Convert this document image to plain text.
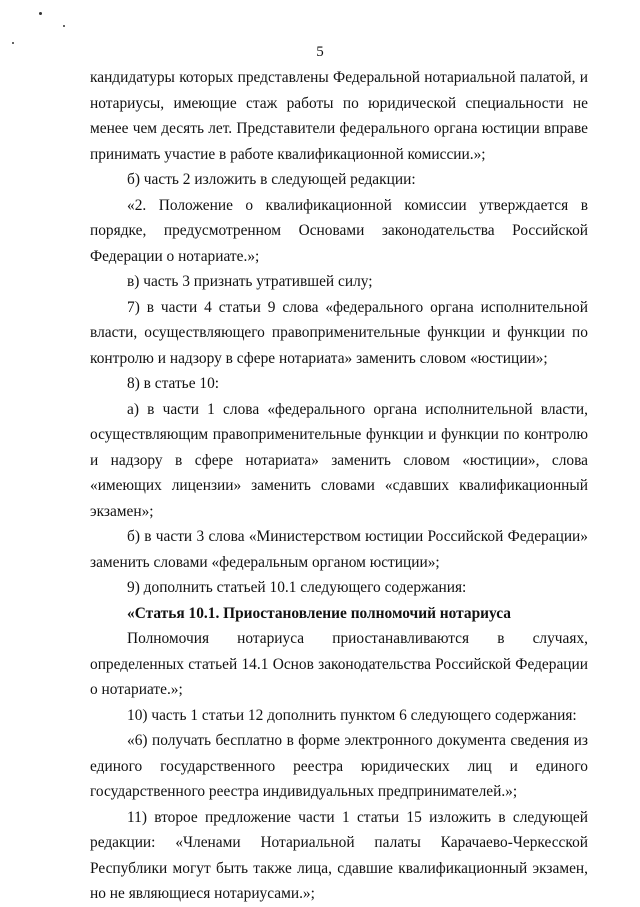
5

кандидатуры которых представлены Федеральной нотариальной палатой, и нотариусы, имеющие стаж работы по юридической специальности не менее чем десять лет. Представители федерального органа юстиции вправе принимать участие в работе квалификационной комиссии.»;

б) часть 2 изложить в следующей редакции:

«2. Положение о квалификационной комиссии утверждается в порядке, предусмотренном Основами законодательства Российской Федерации о нотариате.»;

в) часть 3 признать утратившей силу;

7) в части 4 статьи 9 слова «федерального органа исполнительной власти, осуществляющего правоприменительные функции и функции по контролю и надзору в сфере нотариата» заменить словом «юстиции»;

8) в статье 10:

а) в части 1 слова «федерального органа исполнительной власти, осуществляющим правоприменительные функции и функции по контролю и надзору в сфере нотариата» заменить словом «юстиции», слова «имеющих лицензии» заменить словами «сдавших квалификационный экзамен»;

б) в части 3 слова «Министерством юстиции Российской Федерации» заменить словами «федеральным органом юстиции»;

9) дополнить статьей 10.1 следующего содержания:

«Статья 10.1. Приостановление полномочий нотариуса

Полномочия нотариуса приостанавливаются в случаях, определенных статьей 14.1 Основ законодательства Российской Федерации о нотариате.»;

10) часть 1 статьи 12 дополнить пунктом 6 следующего содержания:

«6) получать бесплатно в форме электронного документа сведения из единого государственного реестра юридических лиц и единого государственного реестра индивидуальных предпринимателей.»;

11) второе предложение части 1 статьи 15 изложить в следующей редакции: «Членами Нотариальной палаты Карачаево-Черкесской Республики могут быть также лица, сдавшие квалификационный экзамен, но не являющиеся нотариусами.»;
